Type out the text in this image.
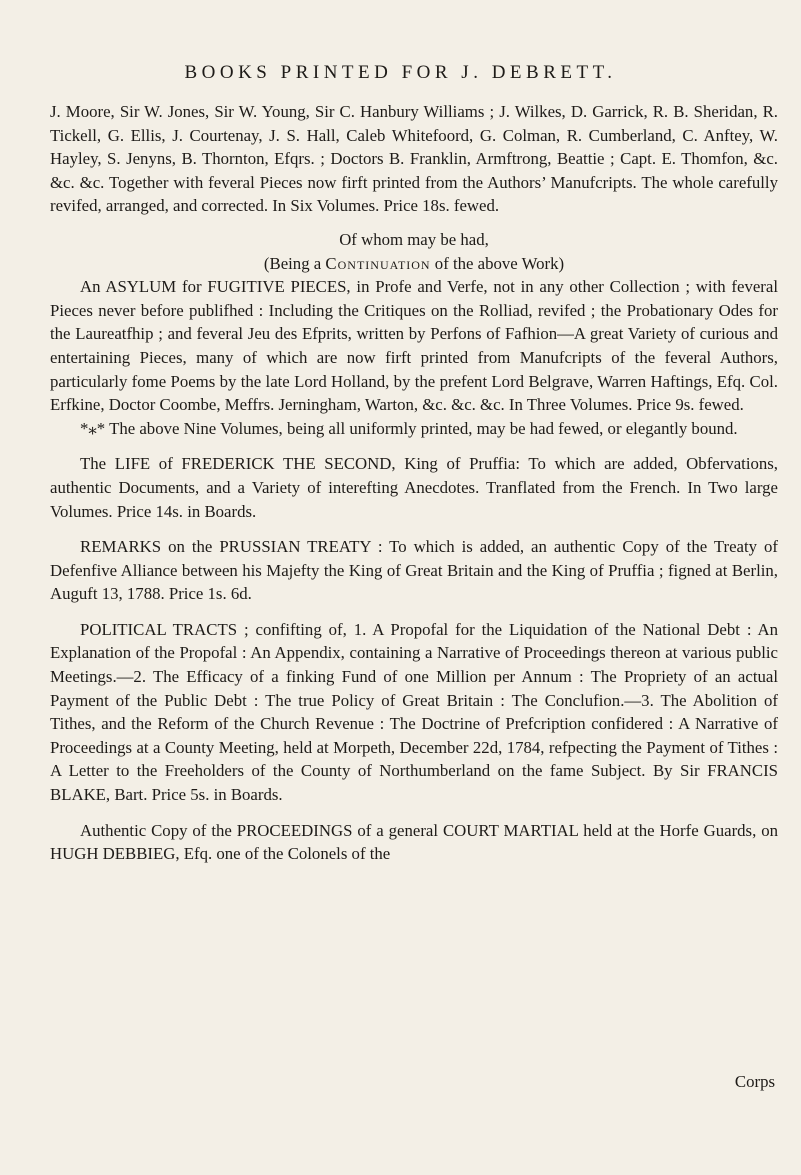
BOOKS PRINTED FOR J. DEBRETT.

J. Moore, Sir W. Jones, Sir W. Young, Sir C. Hanbury Williams ; J. Wilkes, D. Garrick, R. B. Sheridan, R. Tickell, G. Ellis, J. Courtenay, J. S. Hall, Caleb Whitefoord, G. Colman, R. Cumberland, C. Anftey, W. Hayley, S. Jenyns, B. Thornton, Efqrs. ; Doctors B. Franklin, Armftrong, Beattie ; Capt. E. Thomfon, &c. &c. &c. Together with feveral Pieces now firft printed from the Authors’ Manufcripts. The whole carefully revifed, arranged, and corrected. In Six Volumes. Price 18s. fewed.

Of whom may be had,

(Being a Continuation of the above Work)

An ASYLUM for FUGITIVE PIECES, in Profe and Verfe, not in any other Collection ; with feveral Pieces never before publifhed : Including the Critiques on the Rolliad, revifed ; the Probationary Odes for the Laureatfhip ; and feveral Jeu des Efprits, written by Perfons of Fafhion—A great Variety of curious and entertaining Pieces, many of which are now firft printed from Manufcripts of the feveral Authors, particularly fome Poems by the late Lord Holland, by the prefent Lord Belgrave, Warren Haftings, Efq. Col. Erfkine, Doctor Coombe, Meffrs. Jerningham, Warton, &c. &c. &c. In Three Volumes. Price 9s. fewed.

*⁎* The above Nine Volumes, being all uniformly printed, may be had fewed, or elegantly bound.

The LIFE of FREDERICK THE SECOND, King of Pruffia: To which are added, Obfervations, authentic Documents, and a Variety of interefting Anecdotes. Tranflated from the French. In Two large Volumes. Price 14s. in Boards.

REMARKS on the PRUSSIAN TREATY : To which is added, an authentic Copy of the Treaty of Defenfive Alliance between his Majefty the King of Great Britain and the King of Pruffia ; figned at Berlin, Auguft 13, 1788. Price 1s. 6d.

POLITICAL TRACTS ; confifting of, 1. A Propofal for the Liquidation of the National Debt : An Explanation of the Propofal : An Appendix, containing a Narrative of Proceedings thereon at various public Meetings.—2. The Efficacy of a finking Fund of one Million per Annum : The Propriety of an actual Payment of the Public Debt : The true Policy of Great Britain : The Conclufion.—3. The Abolition of Tithes, and the Reform of the Church Revenue : The Doctrine of Prefcription confidered : A Narrative of Proceedings at a County Meeting, held at Morpeth, December 22d, 1784, refpecting the Payment of Tithes : A Letter to the Freeholders of the County of Northumberland on the fame Subject. By Sir FRANCIS BLAKE, Bart. Price 5s. in Boards.

Authentic Copy of the PROCEEDINGS of a general COURT MARTIAL held at the Horfe Guards, on HUGH DEBBIEG, Efq. one of the Colonels of the

Corps
